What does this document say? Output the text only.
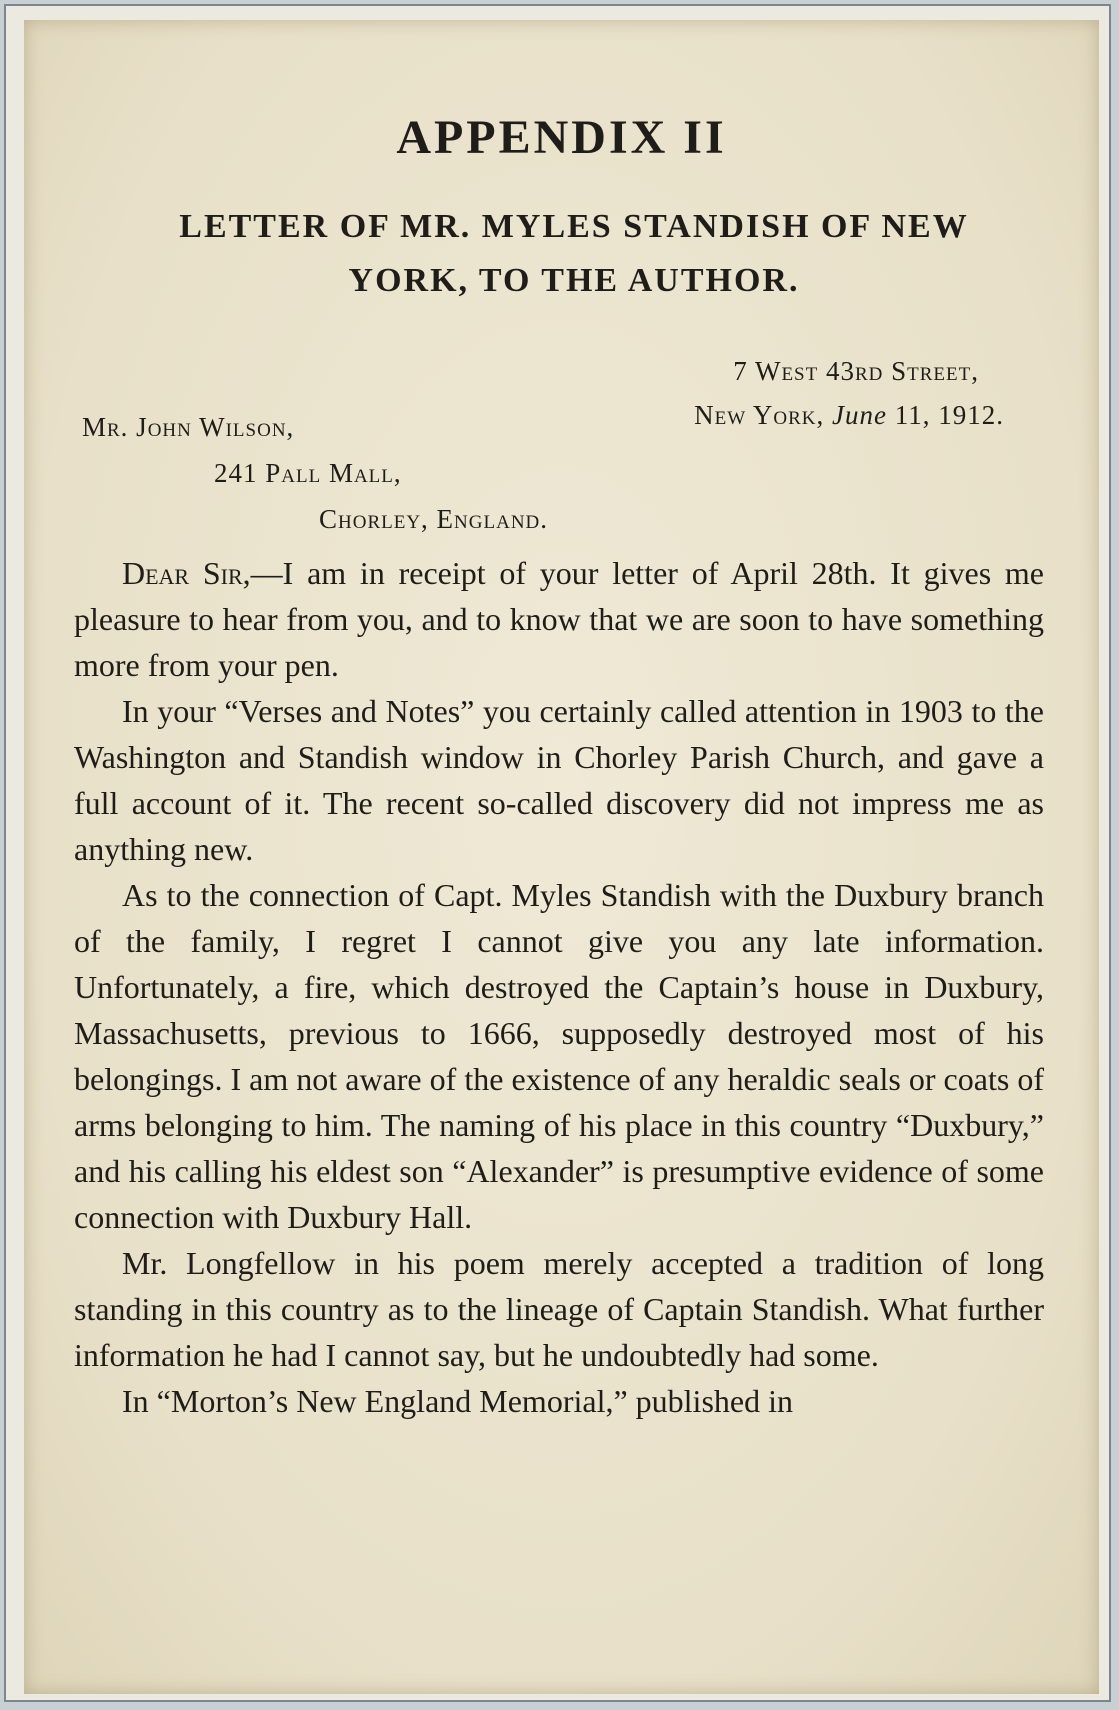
APPENDIX II
LETTER OF MR. MYLES STANDISH OF NEW YORK, TO THE AUTHOR.
7 West 43rd Street,
New York, June 11, 1912.
Mr. John Wilson,
241 Pall Mall,
Chorley, England.

Dear Sir,—I am in receipt of your letter of April 28th. It gives me pleasure to hear from you, and to know that we are soon to have something more from your pen.

In your “Verses and Notes” you certainly called attention in 1903 to the Washington and Standish window in Chorley Parish Church, and gave a full account of it. The recent so-called discovery did not impress me as anything new.

As to the connection of Capt. Myles Standish with the Duxbury branch of the family, I regret I cannot give you any late information. Unfortunately, a fire, which destroyed the Captain’s house in Duxbury, Massachusetts, previous to 1666, supposedly destroyed most of his belongings. I am not aware of the existence of any heraldic seals or coats of arms belonging to him. The naming of his place in this country “Duxbury,” and his calling his eldest son “Alexander” is presumptive evidence of some connection with Duxbury Hall.

Mr. Longfellow in his poem merely accepted a tradition of long standing in this country as to the lineage of Captain Standish. What further information he had I cannot say, but he undoubtedly had some.

In “Morton’s New England Memorial,” published in
